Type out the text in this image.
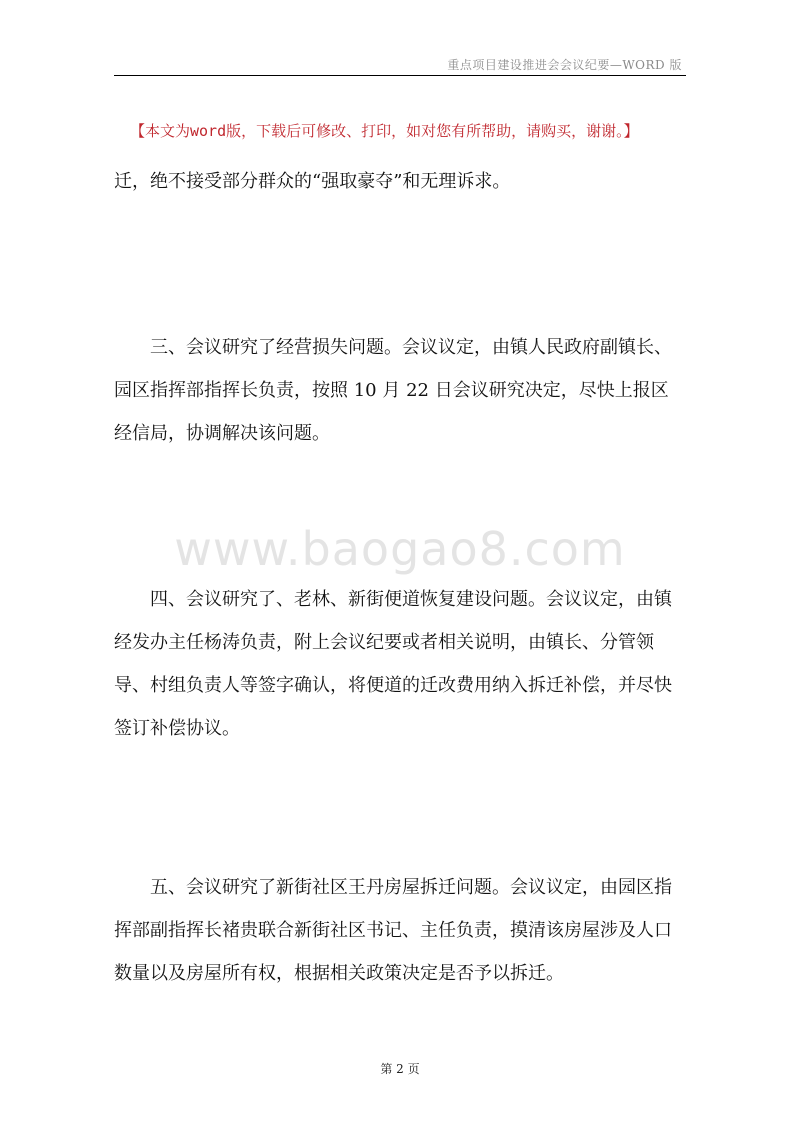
重点项目建设推进会会议纪要—WORD 版
【本文为word版，下载后可修改、打印，如对您有所帮助，请购买，谢谢。】

迁，绝不接受部分群众的“强取豪夺”和无理诉求。

三、会议研究了经营损失问题。会议议定，由镇人民政府副镇长、园区指挥部指挥长负责，按照 10 月 22 日会议研究决定，尽快上报区经信局，协调解决该问题。

www.baogao8.com

四、会议研究了、老林、新街便道恢复建设问题。会议议定，由镇经发办主任杨涛负责，附上会议纪要或者相关说明，由镇长、分管领导、村组负责人等签字确认，将便道的迁改费用纳入拆迁补偿，并尽快签订补偿协议。

五、会议研究了新街社区王丹房屋拆迁问题。会议议定，由园区指挥部副指挥长褚贵联合新街社区书记、主任负责，摸清该房屋涉及人口数量以及房屋所有权，根据相关政策决定是否予以拆迁。

第 2 页
